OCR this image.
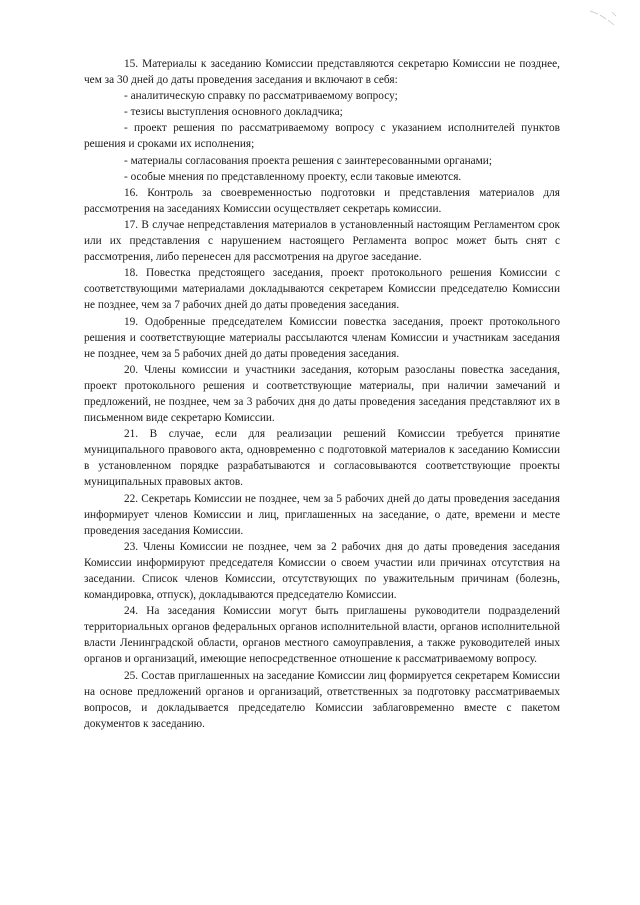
15. Материалы к заседанию Комиссии представляются секретарю Комиссии не позднее, чем за 30 дней до даты проведения заседания и включают в себя:

- аналитическую справку по рассматриваемому вопросу;

- тезисы выступления основного докладчика;

- проект решения по рассматриваемому вопросу с указанием исполнителей пунктов решения и сроками их исполнения;

- материалы согласования проекта решения с заинтересованными органами;

- особые мнения по представленному проекту, если таковые имеются.

16. Контроль за своевременностью подготовки и представления материалов для рассмотрения на заседаниях Комиссии осуществляет секретарь комиссии.

17. В случае непредставления материалов в установленный настоящим Регламентом срок или их представления с нарушением настоящего Регламента вопрос может быть снят с рассмотрения, либо перенесен для рассмотрения на другое заседание.

18. Повестка предстоящего заседания, проект протокольного решения Комиссии с соответствующими материалами докладываются секретарем Комиссии председателю Комиссии не позднее, чем за 7 рабочих дней до даты проведения заседания.

19. Одобренные председателем Комиссии повестка заседания, проект протокольного решения и соответствующие материалы рассылаются членам Комиссии и участникам заседания не позднее, чем за 5 рабочих дней до даты проведения заседания.

20. Члены комиссии и участники заседания, которым разосланы повестка заседания, проект протокольного решения и соответствующие материалы, при наличии замечаний и предложений, не позднее, чем за 3 рабочих дня до даты проведения заседания представляют их в письменном виде секретарю Комиссии.

21. В случае, если для реализации решений Комиссии требуется принятие муниципального правового акта, одновременно с подготовкой материалов к заседанию Комиссии в установленном порядке разрабатываются и согласовываются соответствующие проекты муниципальных правовых актов.

22. Секретарь Комиссии не позднее, чем за 5 рабочих дней до даты проведения заседания информирует членов Комиссии и лиц, приглашенных на заседание, о дате, времени и месте проведения заседания Комиссии.

23. Члены Комиссии не позднее, чем за 2 рабочих дня до даты проведения заседания Комиссии информируют председателя Комиссии о своем участии или причинах отсутствия на заседании. Список членов Комиссии, отсутствующих по уважительным причинам (болезнь, командировка, отпуск), докладываются председателю Комиссии.

24. На заседания Комиссии могут быть приглашены руководители подразделений территориальных органов федеральных органов исполнительной власти, органов исполнительной власти Ленинградской области, органов местного самоуправления, а также руководителей иных органов и организаций, имеющие непосредственное отношение к рассматриваемому вопросу.

25. Состав приглашенных на заседание Комиссии лиц формируется секретарем Комиссии на основе предложений органов и организаций, ответственных за подготовку рассматриваемых вопросов, и докладывается председателю Комиссии заблаговременно вместе с пакетом документов к заседанию.
